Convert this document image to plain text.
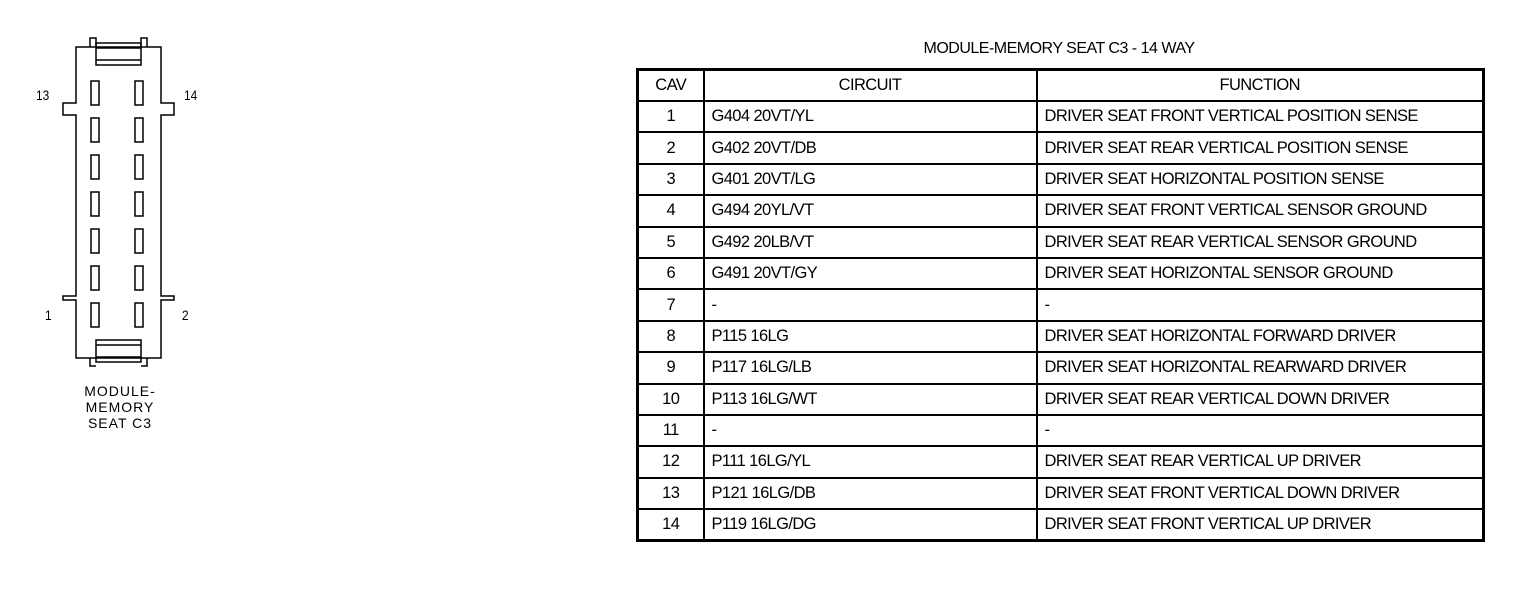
13	14
1	2
MODULE-
MEMORY
SEAT C3
MODULE-MEMORY SEAT C3 - 14 WAY
CAV	CIRCUIT	FUNCTION
1	G404 20VT/YL	DRIVER SEAT FRONT VERTICAL POSITION SENSE
2	G402 20VT/DB	DRIVER SEAT REAR VERTICAL POSITION SENSE
3	G401 20VT/LG	DRIVER SEAT HORIZONTAL POSITION SENSE
4	G494 20YL/VT	DRIVER SEAT FRONT VERTICAL SENSOR GROUND
5	G492 20LB/VT	DRIVER SEAT REAR VERTICAL SENSOR GROUND
6	G491 20VT/GY	DRIVER SEAT HORIZONTAL SENSOR GROUND
7	-	-
8	P115 16LG	DRIVER SEAT HORIZONTAL FORWARD DRIVER
9	P117 16LG/LB	DRIVER SEAT HORIZONTAL REARWARD DRIVER
10	P113 16LG/WT	DRIVER SEAT REAR VERTICAL DOWN DRIVER
11	-	-
12	P111 16LG/YL	DRIVER SEAT REAR VERTICAL UP DRIVER
13	P121 16LG/DB	DRIVER SEAT FRONT VERTICAL DOWN DRIVER
14	P119 16LG/DG	DRIVER SEAT FRONT VERTICAL UP DRIVER
